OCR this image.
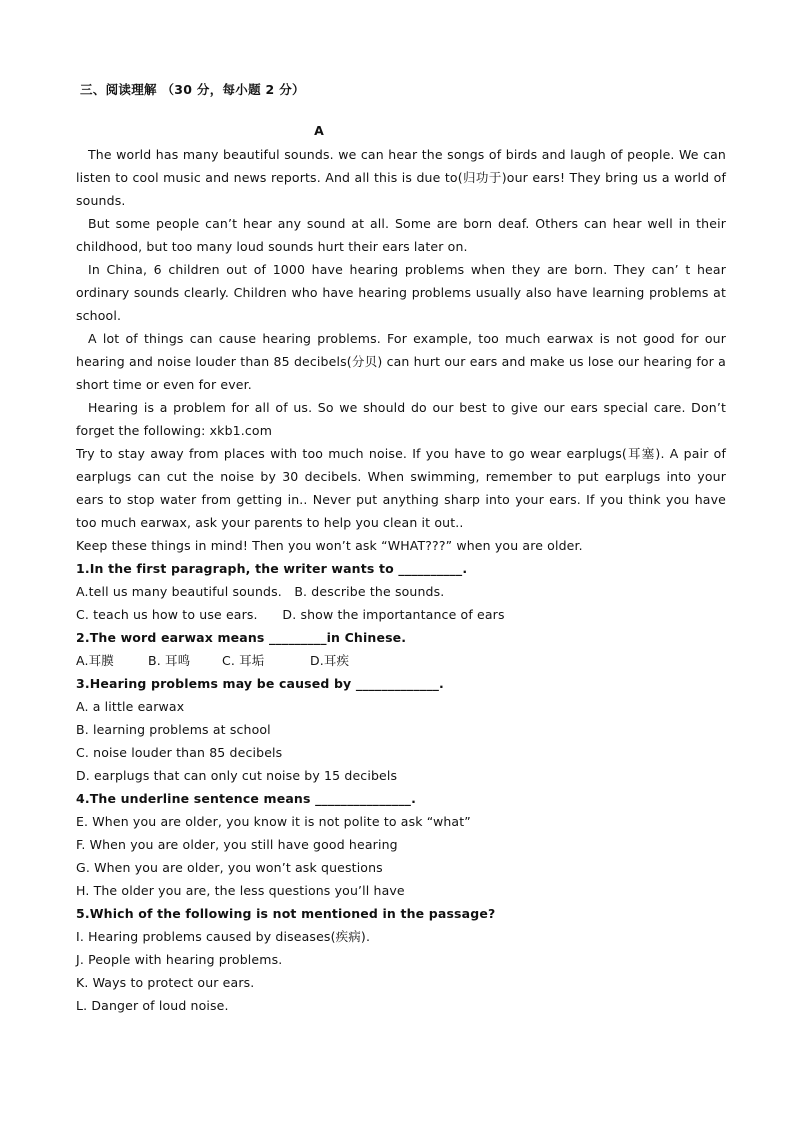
三、阅读理解 （30 分，每小题 2 分）
A

The world has many beautiful sounds. we can hear the songs of birds and laugh of people. We can listen to cool music and news reports. And all this is due to(归功于)our ears! They bring us a world of sounds.

But some people can’t hear any sound at all. Some are born deaf. Others can hear well in their childhood, but too many loud sounds hurt their ears later on.

In China, 6 children out of 1000 have hearing problems when they are born. They can’ t hear ordinary sounds clearly. Children who have hearing problems usually also have learning problems at school.

A lot of things can cause hearing problems. For example, too much earwax is not good for our hearing and noise louder than 85 decibels(分贝) can hurt our ears and make us lose our hearing for a short time or even for ever.

Hearing is a problem for all of us. So we should do our best to give our ears special care. Don’t forget the following: xkb1.com

Try to stay away from places with too much noise. If you have to go wear earplugs(耳塞). A pair of earplugs can cut the noise by 30 decibels. When swimming, remember to put earplugs into your ears to stop water from getting in.. Never put anything sharp into your ears. If you think you have too much earwax, ask your parents to help you clean it out..

Keep these things in mind! Then you won’t ask “WHAT???” when you are older.

1.In the first paragraph, the writer wants to __________.

A.tell us many beautiful sounds. B. describe the sounds.

C. teach us how to use ears. D. show the importantance of ears

2.The word earwax means _________in Chinese.

A.耳膜	B. 耳鸣	C. 耳垢	D.耳疾

3.Hearing problems may be caused by _____________.

A. a little earwax

B. learning problems at school

C. noise louder than 85 decibels

D. earplugs that can only cut noise by 15 decibels

4.The underline sentence means _______________.

E. When you are older, you know it is not polite to ask “what”

F. When you are older, you still have good hearing

G. When you are older, you won’t ask questions

H. The older you are, the less questions you’ll have

5.Which of the following is not mentioned in the passage?

I. Hearing problems caused by diseases(疾病).

J. People with hearing problems.

K. Ways to protect our ears.

L. Danger of loud noise.
